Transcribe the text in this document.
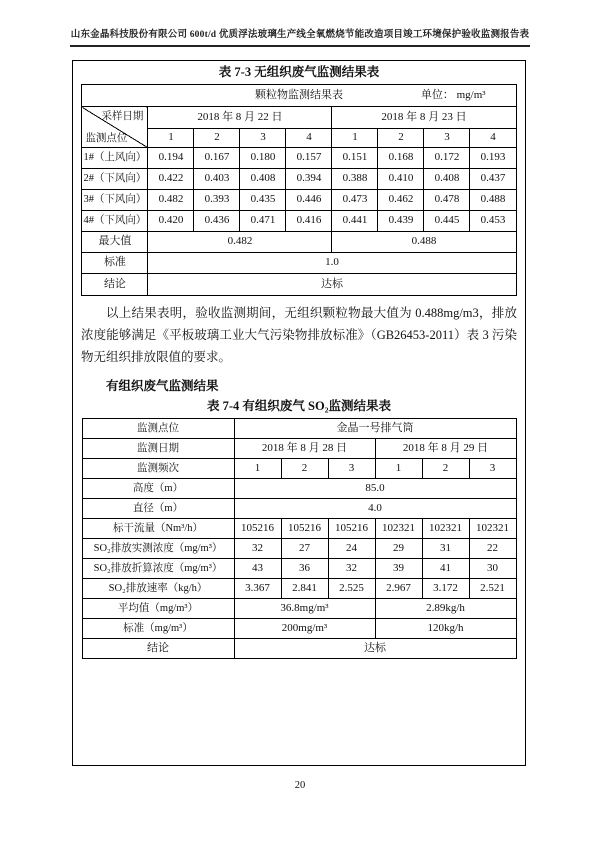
山东金晶科技股份有限公司 600t/d 优质浮法玻璃生产线全氧燃烧节能改造项目竣工环境保护验收监测报告表
表 7-3 无组织废气监测结果表
颗粒物监测结果表 单位： mg/m³								

采样日期
监测点位	2018 年 8 月 22 日				2018 年 8 月 23 日			
	1	2	3	4	1	2	3	4
1#（上风向）	0.194	0.167	0.180	0.157	0.151	0.168	0.172	0.193
2#（下风向）	0.422	0.403	0.408	0.394	0.388	0.410	0.408	0.437
3#（下风向）	0.482	0.393	0.435	0.446	0.473	0.462	0.478	0.488
4#（下风向）	0.420	0.436	0.471	0.416	0.441	0.439	0.445	0.453
最大值	0.482				0.488			
标准	1.0							
结论	达标							

以上结果表明，验收监测期间，无组织颗粒物最大值为 0.488mg/m3，排放浓度能够满足《平板玻璃工业大气污染物排放标准》（GB26453-2011）表 3 污染物无组织排放限值的要求。

有组织废气监测结果
表 7-4 有组织废气 SO₂监测结果表
监测点位	金晶一号排气筒					
监测日期	2018 年 8 月 28 日			2018 年 8 月 29 日		
监测频次	1	2	3	1	2	3
高度（m）	85.0					
直径（m）	4.0					
标干流量（Nm³/h）	105216	105216	105216	102321	102321	102321
SO₂排放实测浓度（mg/m³）	32	27	24	29	31	22
SO₂排放折算浓度（mg/m³）	43	36	32	39	41	30
SO₂排放速率（kg/h）	3.367	2.841	2.525	2.967	3.172	2.521
平均值（mg/m³）	36.8mg/m³			2.89kg/h		
标准（mg/m³）	200mg/m³			120kg/h		
结论	达标					

20
